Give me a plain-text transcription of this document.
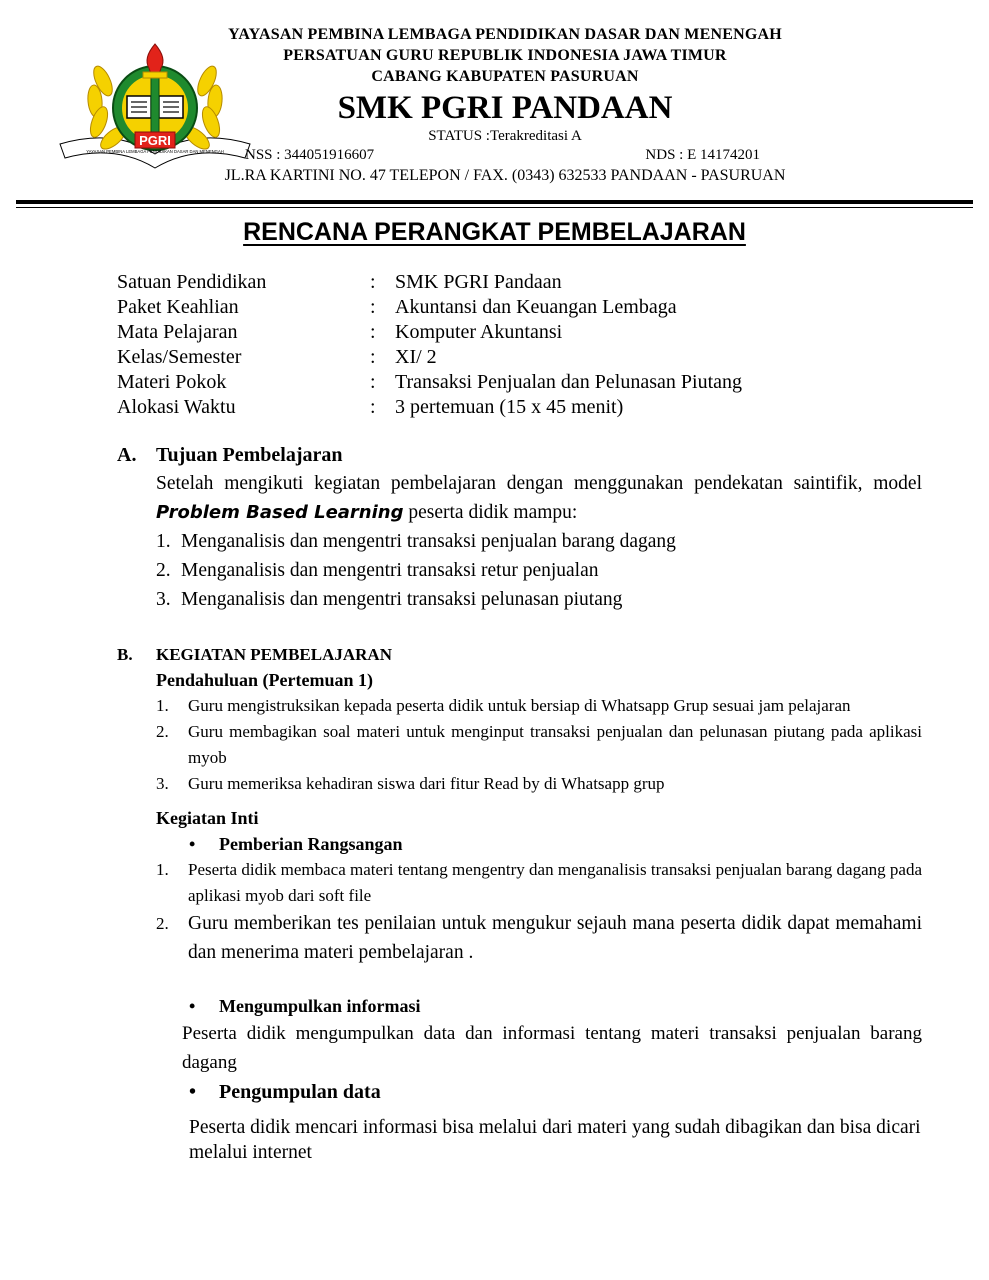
PGRI
YAYASAN PEMBINA LEMBAGA PENDIDIKAN DASAR DAN MENENGAH
YAYASAN PEMBINA LEMBAGA PENDIDIKAN DASAR DAN MENENGAH
PERSATUAN GURU REPUBLIK INDONESIA JAWA TIMUR
CABANG KABUPATEN PASURUAN
SMK PGRI PANDAAN
STATUS :Terakreditasi A
NSS : 344051916607	NDS : E 14174201
JL.RA KARTINI NO. 47 TELEPON / FAX. (0343) 632533 PANDAAN - PASURUAN
RENCANA PERANGKAT PEMBELAJARAN
Satuan Pendidikan	: SMK PGRI Pandaan
Paket Keahlian	: Akuntansi dan Keuangan Lembaga
Mata Pelajaran	: Komputer Akuntansi
Kelas/Semester	: XI/ 2
Materi Pokok	: Transaksi Penjualan dan Pelunasan Piutang
Alokasi Waktu	: 3 pertemuan (15 x 45 menit)
A. Tujuan Pembelajaran
Setelah mengikuti kegiatan pembelajaran dengan menggunakan pendekatan saintifik, model Problem Based Learning peserta didik mampu:
1. Menganalisis dan mengentri transaksi penjualan barang dagang
2. Menganalisis dan mengentri transaksi retur penjualan
3. Menganalisis dan mengentri transaksi pelunasan piutang
B. KEGIATAN PEMBELAJARAN
Pendahuluan (Pertemuan 1)
1. Guru mengistruksikan kepada peserta didik untuk bersiap di Whatsapp Grup sesuai jam pelajaran
2. Guru membagikan soal materi untuk menginput transaksi penjualan dan pelunasan piutang pada aplikasi myob
3. Guru memeriksa kehadiran siswa dari fitur Read by di Whatsapp grup
Kegiatan Inti
• Pemberian Rangsangan
1. Peserta didik membaca materi tentang mengentry dan menganalisis transaksi penjualan barang dagang pada aplikasi myob dari soft file
2. Guru memberikan tes penilaian untuk mengukur sejauh mana peserta didik dapat memahami dan menerima materi pembelajaran .
• Mengumpulkan informasi
Peserta didik mengumpulkan data dan informasi tentang materi transaksi penjualan barang dagang
• Pengumpulan data
Peserta didik mencari informasi bisa melalui dari materi yang sudah dibagikan dan bisa dicari melalui internet
